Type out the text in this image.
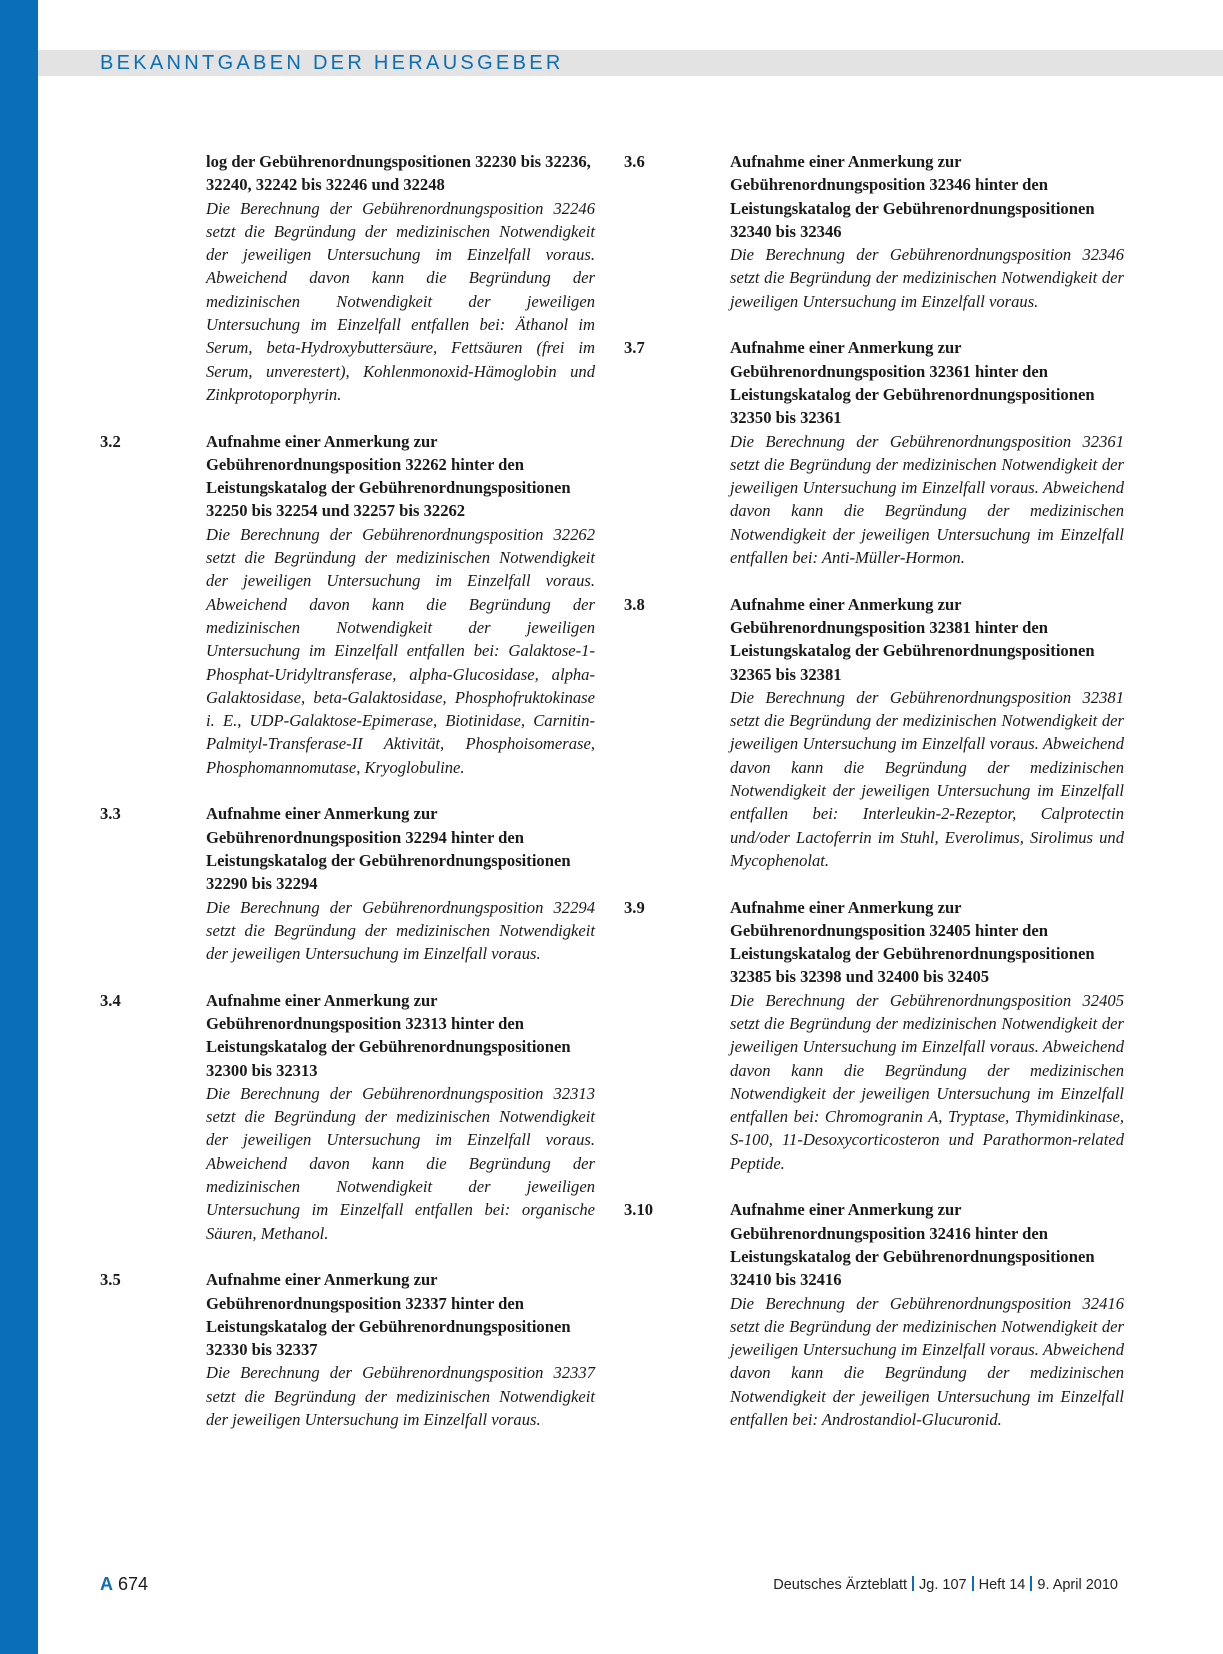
BEKANNTGABEN DER HERAUSGEBER
log der Gebührenordnungspositionen 32230 bis 32236, 32240, 32242 bis 32246 und 32248
Die Berechnung der Gebührenordnungsposition 32246 setzt die Begründung der medizinischen Notwendigkeit der jeweiligen Untersuchung im Einzelfall voraus. Abweichend davon kann die Begründung der medizinischen Notwendigkeit der jeweiligen Untersuchung im Einzelfall entfallen bei: Äthanol im Serum, beta-Hydroxybuttersäure, Fettsäuren (frei im Serum, unverestert), Kohlenmonoxid-Hämoglobin und Zinkprotoporphyrin.
3.2	Aufnahme einer Anmerkung zur Gebührenordnungsposition 32262 hinter den Leistungskatalog der Gebührenordnungspositionen 32250 bis 32254 und 32257 bis 32262
Die Berechnung der Gebührenordnungsposition 32262 setzt die Begründung der medizinischen Notwendigkeit der jeweiligen Untersuchung im Einzelfall voraus. Abweichend davon kann die Begründung der medizinischen Notwendigkeit der jeweiligen Untersuchung im Einzelfall entfallen bei: Galaktose-1-Phosphat-Uridyltransferase, alpha-Glucosidase, alpha-Galaktosidase, beta-Galaktosidase, Phosphofruktokinase i. E., UDP-Galaktose-Epimerase, Biotinidase, Carnitin-Palmityl-Transferase-II Aktivität, Phosphoisomerase, Phosphomannomutase, Kryoglobuline.
3.3	Aufnahme einer Anmerkung zur Gebührenordnungsposition 32294 hinter den Leistungskatalog der Gebührenordnungspositionen 32290 bis 32294
Die Berechnung der Gebührenordnungsposition 32294 setzt die Begründung der medizinischen Notwendigkeit der jeweiligen Untersuchung im Einzelfall voraus.
3.4	Aufnahme einer Anmerkung zur Gebührenordnungsposition 32313 hinter den Leistungskatalog der Gebührenordnungspositionen 32300 bis 32313
Die Berechnung der Gebührenordnungsposition 32313 setzt die Begründung der medizinischen Notwendigkeit der jeweiligen Untersuchung im Einzelfall voraus. Abweichend davon kann die Begründung der medizinischen Notwendigkeit der jeweiligen Untersuchung im Einzelfall entfallen bei: organische Säuren, Methanol.
3.5	Aufnahme einer Anmerkung zur Gebührenordnungsposition 32337 hinter den Leistungskatalog der Gebührenordnungspositionen 32330 bis 32337
Die Berechnung der Gebührenordnungsposition 32337 setzt die Begründung der medizinischen Notwendigkeit der jeweiligen Untersuchung im Einzelfall voraus.
3.6	Aufnahme einer Anmerkung zur Gebührenordnungsposition 32346 hinter den Leistungskatalog der Gebührenordnungspositionen 32340 bis 32346
Die Berechnung der Gebührenordnungsposition 32346 setzt die Begründung der medizinischen Notwendigkeit der jeweiligen Untersuchung im Einzelfall voraus.
3.7	Aufnahme einer Anmerkung zur Gebührenordnungsposition 32361 hinter den Leistungskatalog der Gebührenordnungspositionen 32350 bis 32361
Die Berechnung der Gebührenordnungsposition 32361 setzt die Begründung der medizinischen Notwendigkeit der jeweiligen Untersuchung im Einzelfall voraus. Abweichend davon kann die Begründung der medizinischen Notwendigkeit der jeweiligen Untersuchung im Einzelfall entfallen bei: Anti-Müller-Hormon.
3.8	Aufnahme einer Anmerkung zur Gebührenordnungsposition 32381 hinter den Leistungskatalog der Gebührenordnungspositionen 32365 bis 32381
Die Berechnung der Gebührenordnungsposition 32381 setzt die Begründung der medizinischen Notwendigkeit der jeweiligen Untersuchung im Einzelfall voraus. Abweichend davon kann die Begründung der medizinischen Notwendigkeit der jeweiligen Untersuchung im Einzelfall entfallen bei: Interleukin-2-Rezeptor, Calprotectin und/oder Lactoferrin im Stuhl, Everolimus, Sirolimus und Mycophenolat.
3.9	Aufnahme einer Anmerkung zur Gebührenordnungsposition 32405 hinter den Leistungskatalog der Gebührenordnungspositionen 32385 bis 32398 und 32400 bis 32405
Die Berechnung der Gebührenordnungsposition 32405 setzt die Begründung der medizinischen Notwendigkeit der jeweiligen Untersuchung im Einzelfall voraus. Abweichend davon kann die Begründung der medizinischen Notwendigkeit der jeweiligen Untersuchung im Einzelfall entfallen bei: Chromogranin A, Tryptase, Thymidinkinase, S-100, 11-Desoxycorticosteron und Parathormon-related Peptide.
3.10	Aufnahme einer Anmerkung zur Gebührenordnungsposition 32416 hinter den Leistungskatalog der Gebührenordnungspositionen 32410 bis 32416
Die Berechnung der Gebührenordnungsposition 32416 setzt die Begründung der medizinischen Notwendigkeit der jeweiligen Untersuchung im Einzelfall voraus. Abweichend davon kann die Begründung der medizinischen Notwendigkeit der jeweiligen Untersuchung im Einzelfall entfallen bei: Androstandiol-Glucuronid.
A 674	Deutsches Ärzteblatt Jg. 107 Heft 14 9. April 2010
